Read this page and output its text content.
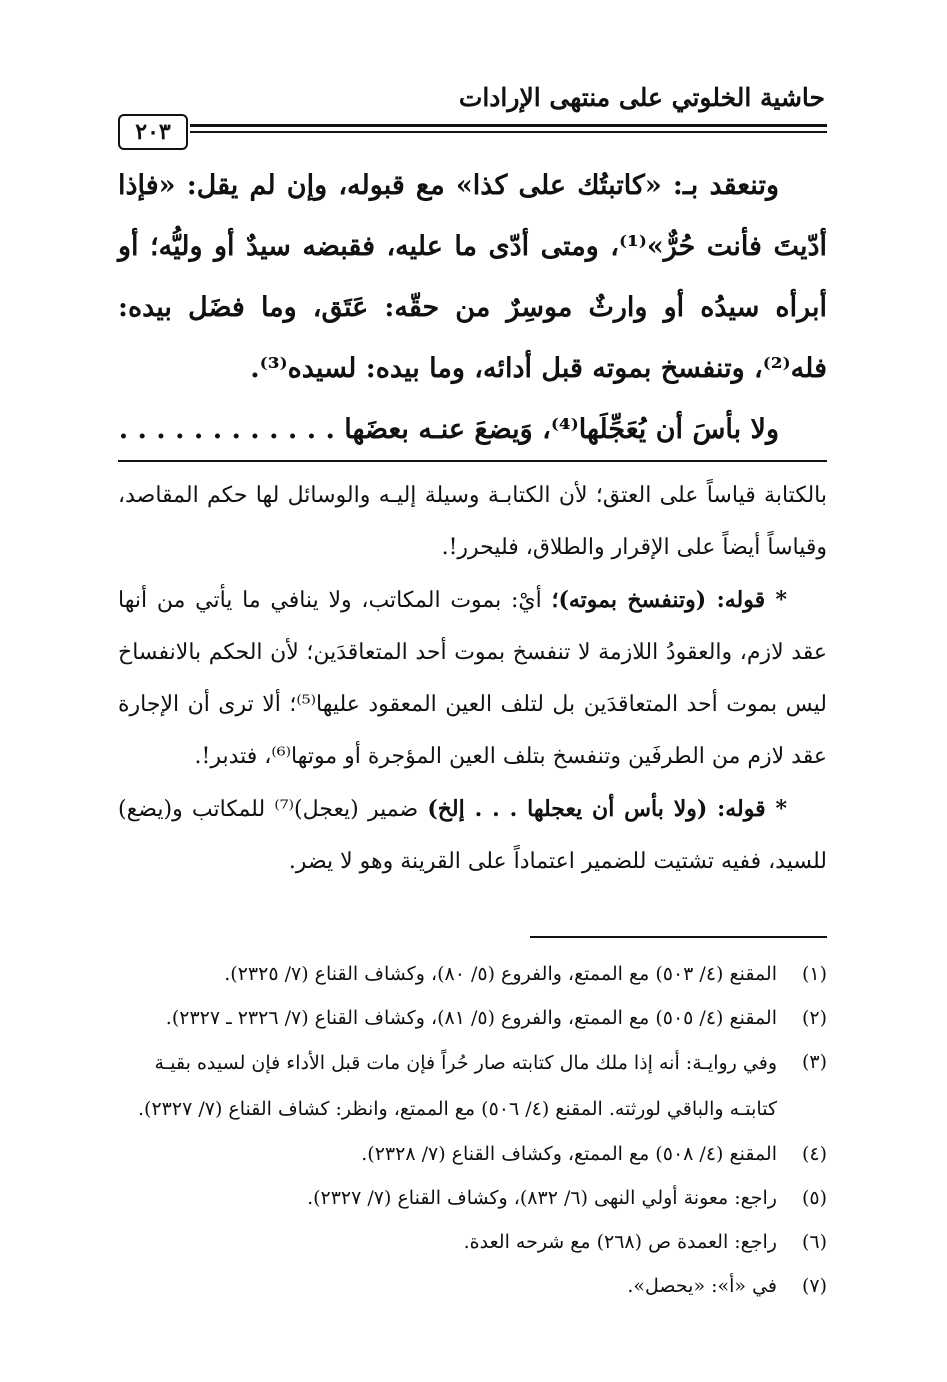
حاشية الخلوتي على منتهى الإرادات
٢٠٣

وتنعقد بـ: «كاتبتُك على كذا» مع قبوله، وإن لم يقل: «فإذا أدّيتَ فأنت حُرٌّ»⁽¹⁾، ومتى أدّى ما عليه، فقبضه سيدٌ أو وليُّه؛ أو أبرأه سيدُه أو وارثٌ موسِرٌ من حقّه: عَتَق، وما فضَل بيده: فله⁽²⁾، وتنفسخ بموته قبل أدائه، وما بيده: لسيده⁽³⁾.

ولا بأسَ أن يُعَجِّلَها⁽⁴⁾، وَيضعَ عنـه بعضَها . . . . . . . . . . . .

بالكتابة قياساً على العتق؛ لأن الكتابـة وسيلة إليـه والوسائل لها حكم المقاصد، وقياساً أيضاً على الإقرار والطلاق، فليحرر!.

* قوله: (وتنفسخ بموته)؛ أيْ: بموت المكاتب، ولا ينافي ما يأتي من أنها عقد لازم، والعقودُ اللازمة لا تنفسخ بموت أحد المتعاقدَين؛ لأن الحكم بالانفساخ ليس بموت أحد المتعاقدَين بل لتلف العين المعقود عليها⁽⁵⁾؛ ألا ترى أن الإجارة عقد لازم من الطرفَين وتنفسخ بتلف العين المؤجرة أو موتها⁽⁶⁾، فتدبر!.

* قوله: (ولا بأس أن يعجلها . . . إلخ) ضمير (يعجل)⁽⁷⁾ للمكاتب و(يضع) للسيد، ففيه تشتيت للضمير اعتماداً على القرينة وهو لا يضر.

(١)
المقنع (٤/ ٥٠٣) مع الممتع، والفروع (٥/ ٨٠)، وكشاف القناع (٧/ ٢٣٢٥).
(٢)
المقنع (٤/ ٥٠٥) مع الممتع، والفروع (٥/ ٨١)، وكشاف القناع (٧/ ٢٣٢٦ ـ ٢٣٢٧).
(٣)
وفي روايـة: أنه إذا ملك مال كتابته صار حُراً فإن مات قبل الأداء فإن لسيده بقيـة كتابتـه والباقي لورثته. المقنع (٤/ ٥٠٦) مع الممتع، وانظر: كشاف القناع (٧/ ٢٣٢٧).
(٤)
المقنع (٤/ ٥٠٨) مع الممتع، وكشاف القناع (٧/ ٢٣٢٨).
(٥)
راجع: معونة أولي النهى (٦/ ٨٣٢)، وكشاف القناع (٧/ ٢٣٢٧).
(٦)
راجع: العمدة ص (٢٦٨) مع شرحه العدة.
(٧)
في «أ»: «يحصل».
